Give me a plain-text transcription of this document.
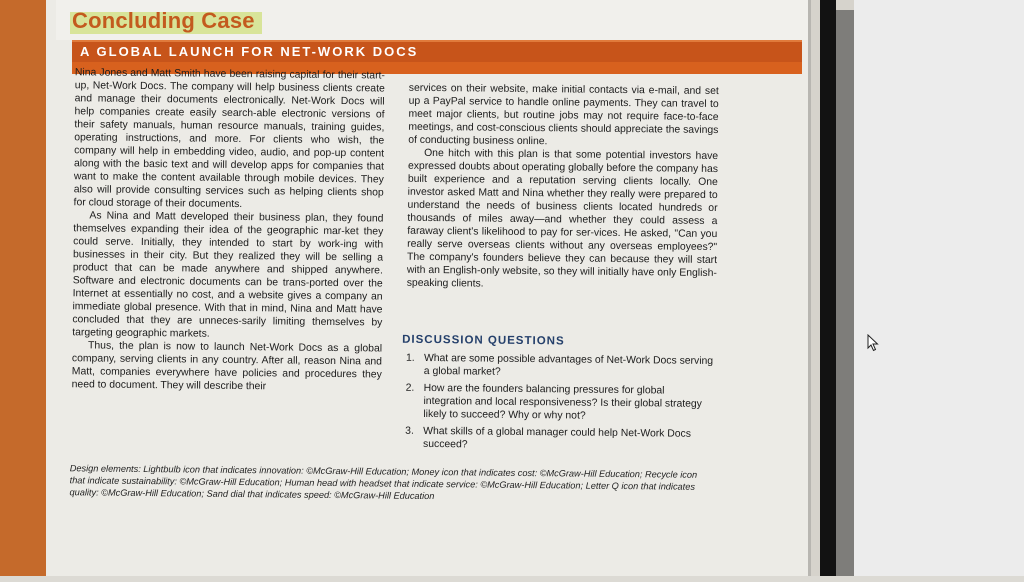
Concluding Case
A GLOBAL LAUNCH FOR NET-WORK DOCS

Nina Jones and Matt Smith have been raising capital for their start-up, Net-Work Docs. The company will help business clients create and manage their documents electronically. Net-Work Docs will help companies create easily search-able electronic versions of their safety manuals, human resource manuals, training guides, operating instructions, and more. For clients who wish, the company will help in embedding video, audio, and pop-up content along with the basic text and will develop apps for companies that want to make the content available through mobile devices. They also will provide consulting services such as helping clients shop for cloud storage of their documents.

As Nina and Matt developed their business plan, they found themselves expanding their idea of the geographic mar-ket they could serve. Initially, they intended to start by work-ing with businesses in their city. But they realized they will be selling a product that can be made anywhere and shipped anywhere. Software and electronic documents can be trans-ported over the Internet at essentially no cost, and a website gives a company an immediate global presence. With that in mind, Nina and Matt have concluded that they are unneces-sarily limiting themselves by targeting geographic markets.

Thus, the plan is now to launch Net-Work Docs as a global company, serving clients in any country. After all, reason Nina and Matt, companies everywhere have policies and procedures they need to document. They will describe their

services on their website, make initial contacts via e-mail, and set up a PayPal service to handle online payments. They can travel to meet major clients, but routine jobs may not require face-to-face meetings, and cost-conscious clients should appreciate the savings of conducting business online.

One hitch with this plan is that some potential investors have expressed doubts about operating globally before the company has built experience and a reputation serving clients locally. One investor asked Matt and Nina whether they really were prepared to understand the needs of business clients located hundreds or thousands of miles away—and whether they could assess a faraway client's likelihood to pay for ser-vices. He asked, "Can you really serve overseas clients without any overseas employees?" The company's founders believe they can because they will start with an English-only website, so they will initially have only English-speaking clients.

DISCUSSION QUESTIONS
1. What are some possible advantages of Net-Work Docs serving a global market?
2. How are the founders balancing pressures for global integration and local responsiveness? Is their global strategy likely to succeed? Why or why not?
3. What skills of a global manager could help Net-Work Docs succeed?

Design elements: Lightbulb icon that indicates innovation: ©McGraw-Hill Education; Money icon that indicates cost: ©McGraw-Hill Education; Recycle icon that indicate sustainability: ©McGraw-Hill Education; Human head with headset that indicate service: ©McGraw-Hill Education; Letter Q icon that indicates quality: ©McGraw-Hill Education; Sand dial that indicates speed: ©McGraw-Hill Education
